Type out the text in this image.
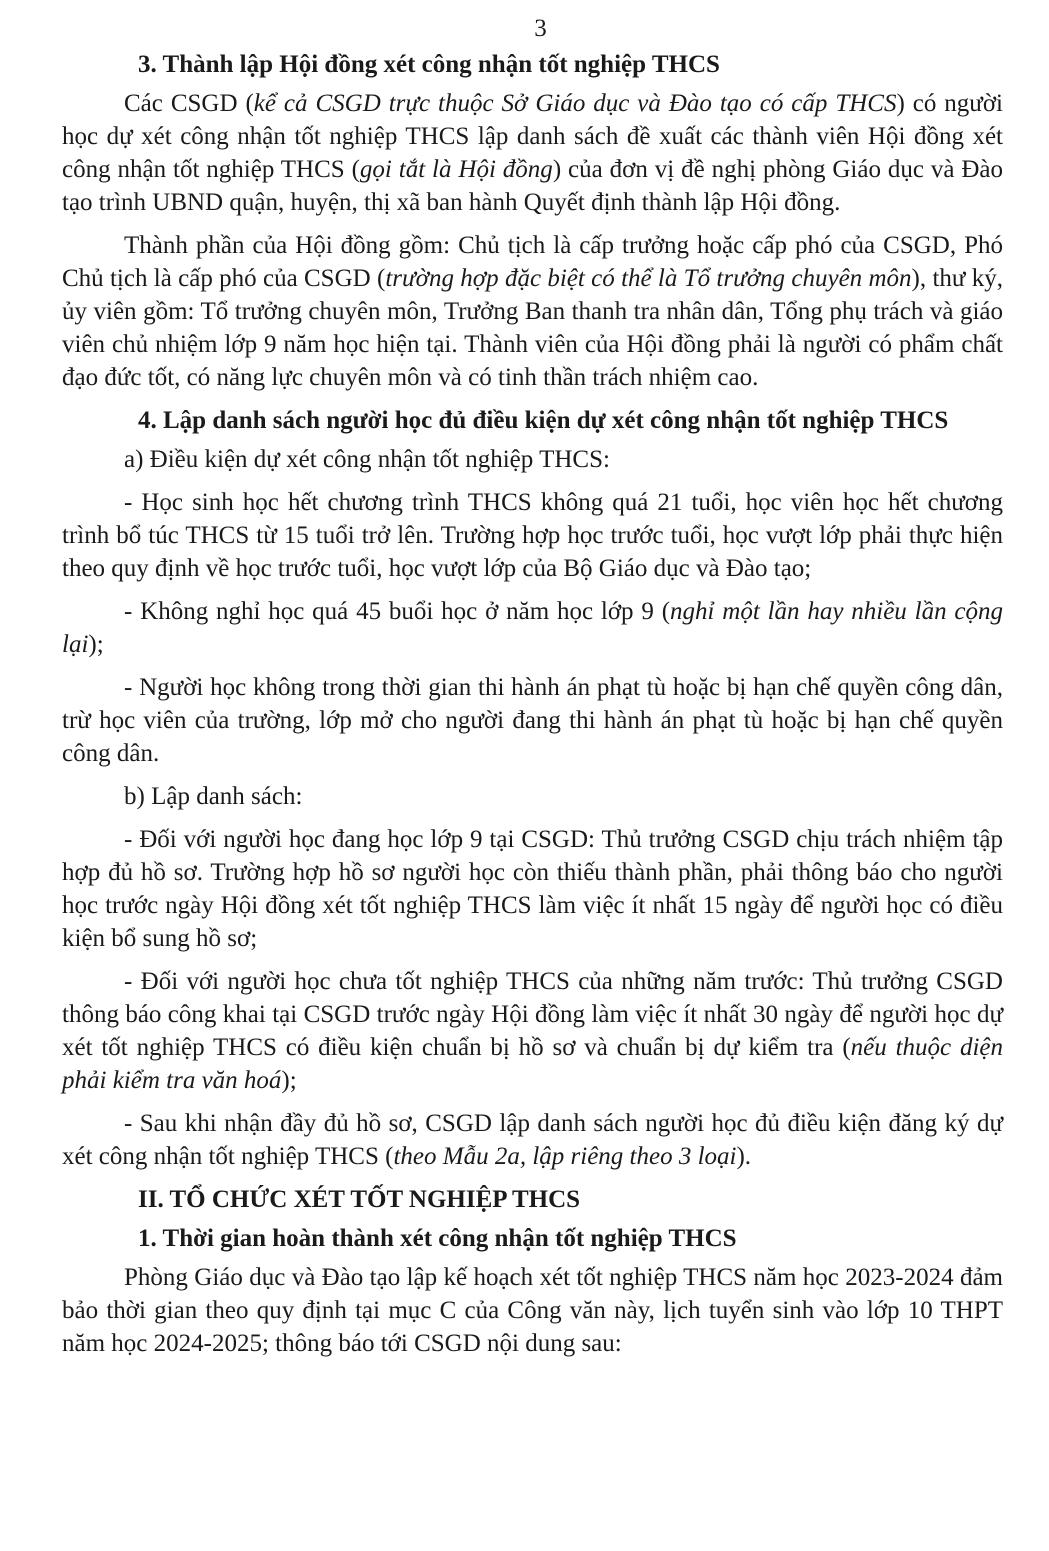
3
3. Thành lập Hội đồng xét công nhận tốt nghiệp THCS

Các CSGD (kể cả CSGD trực thuộc Sở Giáo dục và Đào tạo có cấp THCS) có người học dự xét công nhận tốt nghiệp THCS lập danh sách đề xuất các thành viên Hội đồng xét công nhận tốt nghiệp THCS (gọi tắt là Hội đồng) của đơn vị đề nghị phòng Giáo dục và Đào tạo trình UBND quận, huyện, thị xã ban hành Quyết định thành lập Hội đồng.

Thành phần của Hội đồng gồm: Chủ tịch là cấp trưởng hoặc cấp phó của CSGD, Phó Chủ tịch là cấp phó của CSGD (trường hợp đặc biệt có thể là Tổ trưởng chuyên môn), thư ký, ủy viên gồm: Tổ trưởng chuyên môn, Trưởng Ban thanh tra nhân dân, Tổng phụ trách và giáo viên chủ nhiệm lớp 9 năm học hiện tại. Thành viên của Hội đồng phải là người có phẩm chất đạo đức tốt, có năng lực chuyên môn và có tinh thần trách nhiệm cao.

4. Lập danh sách người học đủ điều kiện dự xét công nhận tốt nghiệp THCS

a) Điều kiện dự xét công nhận tốt nghiệp THCS:

- Học sinh học hết chương trình THCS không quá 21 tuổi, học viên học hết chương trình bổ túc THCS từ 15 tuổi trở lên. Trường hợp học trước tuổi, học vượt lớp phải thực hiện theo quy định về học trước tuổi, học vượt lớp của Bộ Giáo dục và Đào tạo;

- Không nghỉ học quá 45 buổi học ở năm học lớp 9 (nghỉ một lần hay nhiều lần cộng lại);

- Người học không trong thời gian thi hành án phạt tù hoặc bị hạn chế quyền công dân, trừ học viên của trường, lớp mở cho người đang thi hành án phạt tù hoặc bị hạn chế quyền công dân.

b) Lập danh sách:

- Đối với người học đang học lớp 9 tại CSGD: Thủ trưởng CSGD chịu trách nhiệm tập hợp đủ hồ sơ. Trường hợp hồ sơ người học còn thiếu thành phần, phải thông báo cho người học trước ngày Hội đồng xét tốt nghiệp THCS làm việc ít nhất 15 ngày để người học có điều kiện bổ sung hồ sơ;

- Đối với người học chưa tốt nghiệp THCS của những năm trước: Thủ trưởng CSGD thông báo công khai tại CSGD trước ngày Hội đồng làm việc ít nhất 30 ngày để người học dự xét tốt nghiệp THCS có điều kiện chuẩn bị hồ sơ và chuẩn bị dự kiểm tra (nếu thuộc diện phải kiểm tra văn hoá);

- Sau khi nhận đầy đủ hồ sơ, CSGD lập danh sách người học đủ điều kiện đăng ký dự xét công nhận tốt nghiệp THCS (theo Mẫu 2a, lập riêng theo 3 loại).

II. TỔ CHỨC XÉT TỐT NGHIỆP THCS
1. Thời gian hoàn thành xét công nhận tốt nghiệp THCS

Phòng Giáo dục và Đào tạo lập kế hoạch xét tốt nghiệp THCS năm học 2023-2024 đảm bảo thời gian theo quy định tại mục C của Công văn này, lịch tuyển sinh vào lớp 10 THPT năm học 2024-2025; thông báo tới CSGD nội dung sau:
